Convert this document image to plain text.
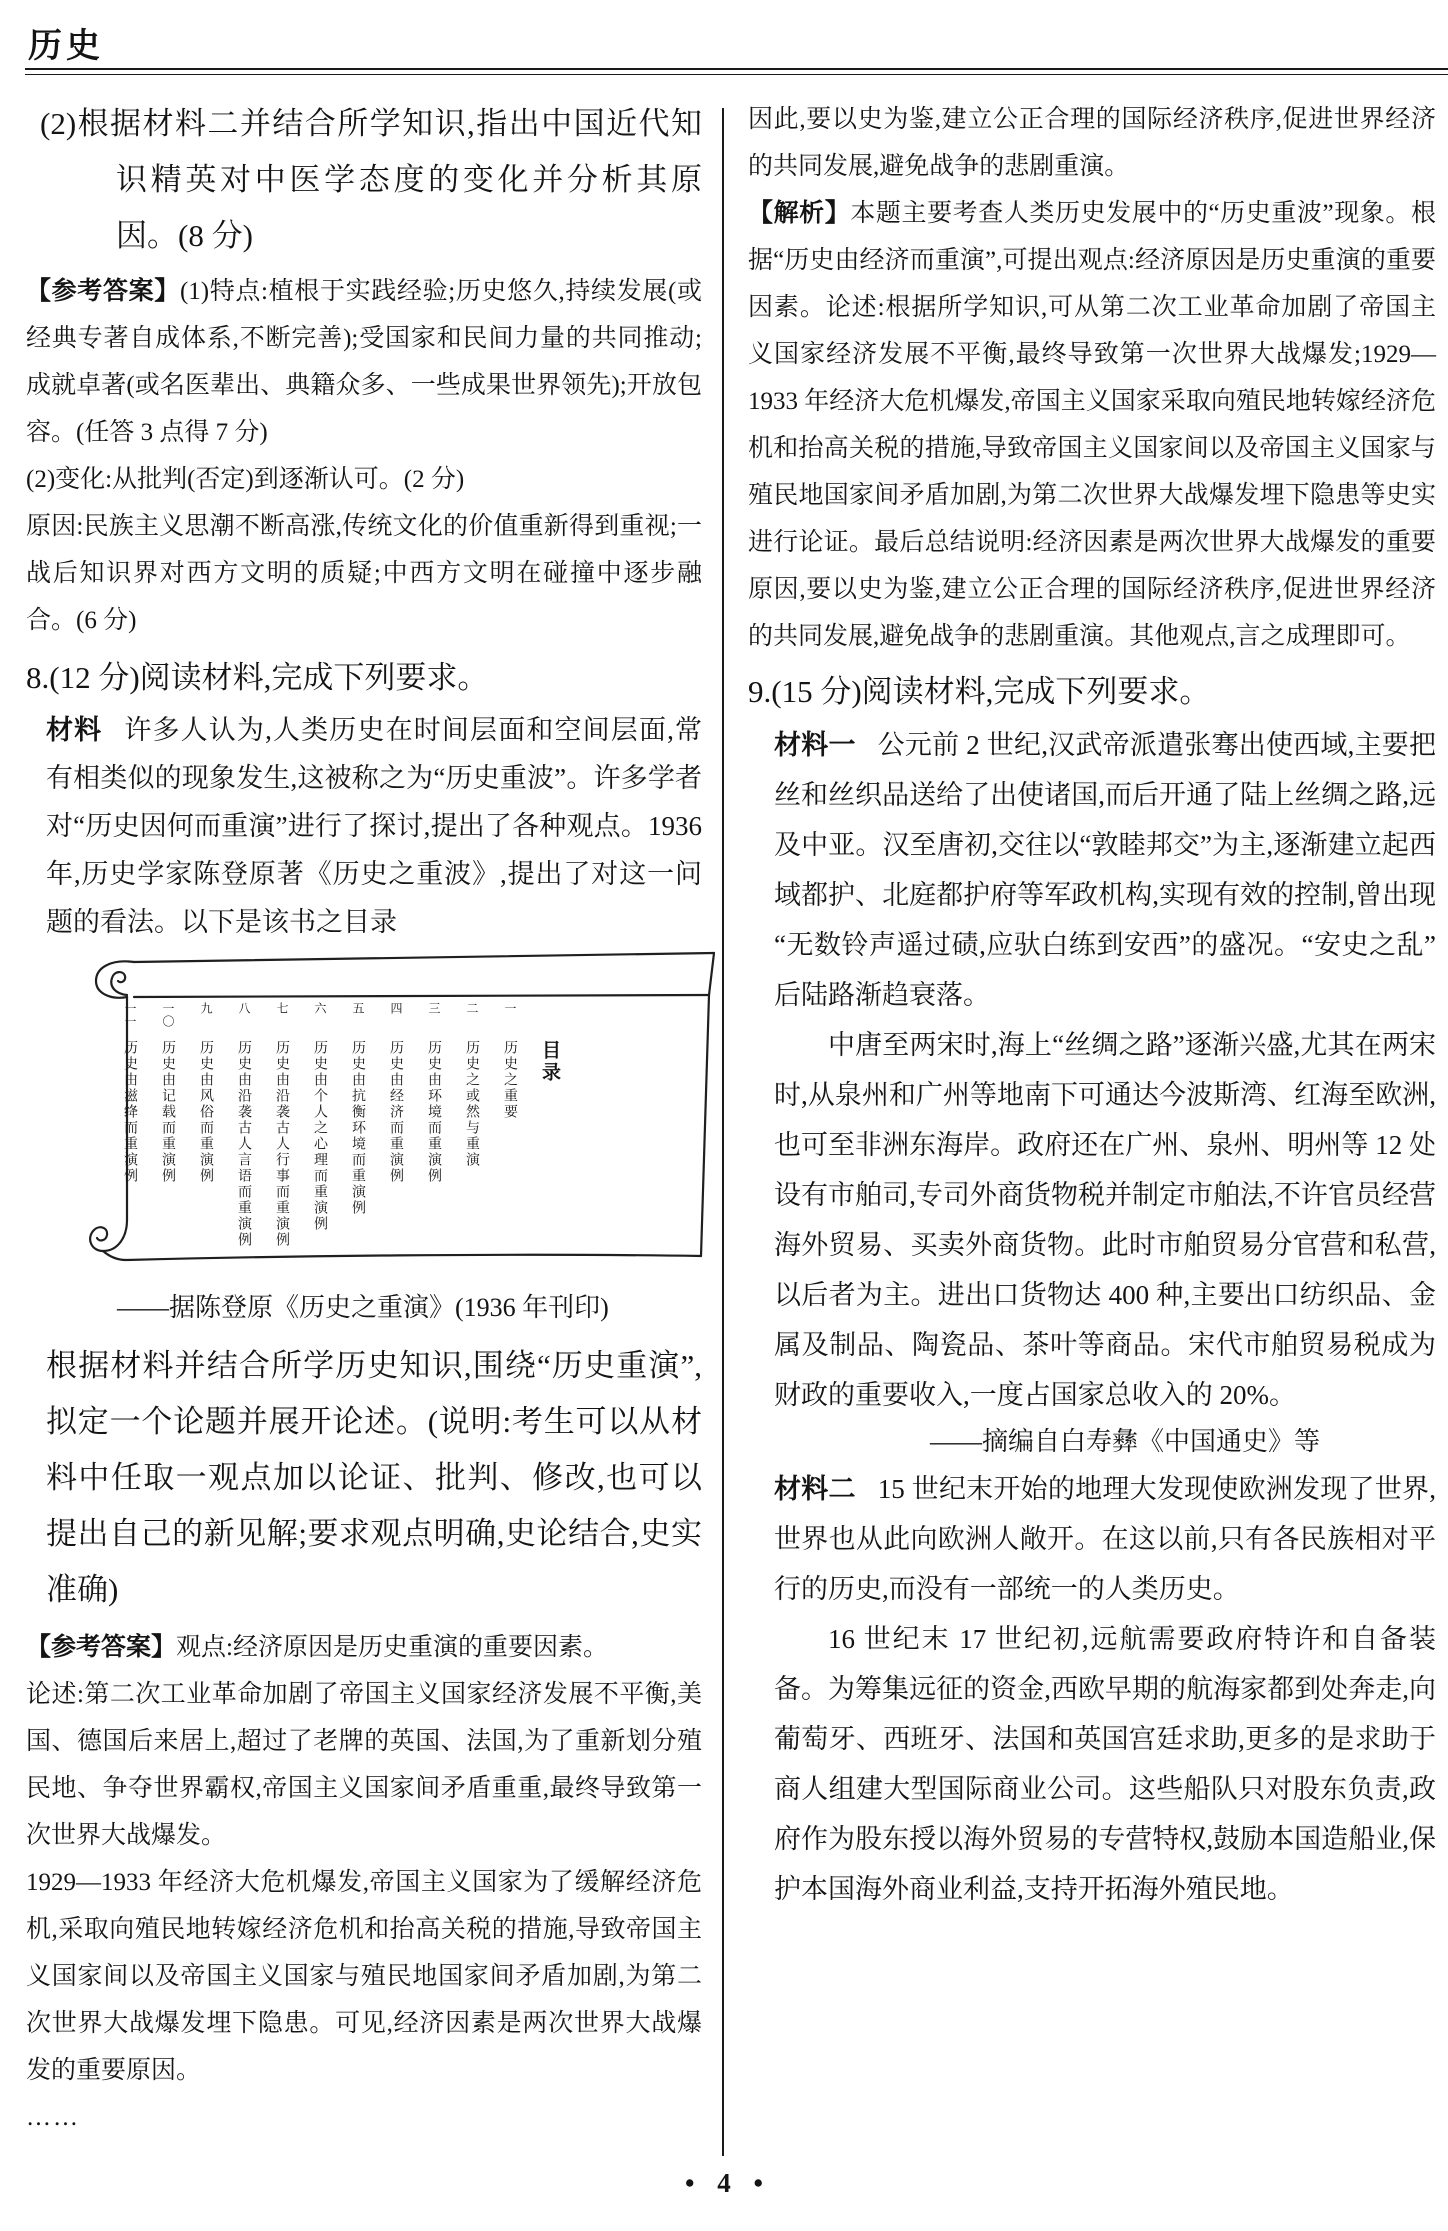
历史

(2)根据材料二并结合所学知识,指出中国近代知识精英对中医学态度的变化并分析其原因。(8 分)

【参考答案】(1)特点:植根于实践经验;历史悠久,持续发展(或经典专著自成体系,不断完善);受国家和民间力量的共同推动;成就卓著(或名医辈出、典籍众多、一些成果世界领先);开放包容。(任答 3 点得 7 分)

(2)变化:从批判(否定)到逐渐认可。(2 分)

原因:民族主义思潮不断高涨,传统文化的价值重新得到重视;一战后知识界对西方文明的质疑;中西方文明在碰撞中逐步融合。(6 分)

8.(12 分)阅读材料,完成下列要求。

材料 许多人认为,人类历史在时间层面和空间层面,常有相类似的现象发生,这被称之为“历史重波”。许多学者对“历史因何而重演”进行了探讨,提出了各种观点。1936 年,历史学家陈登原著《历史之重波》,提出了对这一问题的看法。以下是该书之目录

目录
一
历史之重要
二
历史之或然与重演
三
历史由环境而重演例
四
历史由经济而重演例
五
历史由抗衡环境而重演例
六
历史由个人之心理而重演例
七
历史由沿袭古人行事而重演例
八
历史由沿袭古人言语而重演例
九
历史由风俗而重演例
一〇
历史由记载而重演例
一一
历史由滋绛而重演例

——据陈登原《历史之重演》(1936 年刊印)

根据材料并结合所学历史知识,围绕“历史重演”,拟定一个论题并展开论述。(说明:考生可以从材料中任取一观点加以论证、批判、修改,也可以提出自己的新见解;要求观点明确,史论结合,史实准确)

【参考答案】观点:经济原因是历史重演的重要因素。

论述:第二次工业革命加剧了帝国主义国家经济发展不平衡,美国、德国后来居上,超过了老牌的英国、法国,为了重新划分殖民地、争夺世界霸权,帝国主义国家间矛盾重重,最终导致第一次世界大战爆发。

1929—1933 年经济大危机爆发,帝国主义国家为了缓解经济危机,采取向殖民地转嫁经济危机和抬高关税的措施,导致帝国主义国家间以及帝国主义国家与殖民地国家间矛盾加剧,为第二次世界大战爆发埋下隐患。可见,经济因素是两次世界大战爆发的重要原因。

……

因此,要以史为鉴,建立公正合理的国际经济秩序,促进世界经济的共同发展,避免战争的悲剧重演。

【解析】本题主要考查人类历史发展中的“历史重波”现象。根据“历史由经济而重演”,可提出观点:经济原因是历史重演的重要因素。论述:根据所学知识,可从第二次工业革命加剧了帝国主义国家经济发展不平衡,最终导致第一次世界大战爆发;1929—1933 年经济大危机爆发,帝国主义国家采取向殖民地转嫁经济危机和抬高关税的措施,导致帝国主义国家间以及帝国主义国家与殖民地国家间矛盾加剧,为第二次世界大战爆发埋下隐患等史实进行论证。最后总结说明:经济因素是两次世界大战爆发的重要原因,要以史为鉴,建立公正合理的国际经济秩序,促进世界经济的共同发展,避免战争的悲剧重演。其他观点,言之成理即可。

9.(15 分)阅读材料,完成下列要求。

材料一 公元前 2 世纪,汉武帝派遣张骞出使西域,主要把丝和丝织品送给了出使诸国,而后开通了陆上丝绸之路,远及中亚。汉至唐初,交往以“敦睦邦交”为主,逐渐建立起西域都护、北庭都护府等军政机构,实现有效的控制,曾出现“无数铃声遥过碛,应驮白练到安西”的盛况。“安史之乱”后陆路渐趋衰落。

中唐至两宋时,海上“丝绸之路”逐渐兴盛,尤其在两宋时,从泉州和广州等地南下可通达今波斯湾、红海至欧洲,也可至非洲东海岸。政府还在广州、泉州、明州等 12 处设有市舶司,专司外商货物税并制定市舶法,不许官员经营海外贸易、买卖外商货物。此时市舶贸易分官营和私营,以后者为主。进出口货物达 400 种,主要出口纺织品、金属及制品、陶瓷品、茶叶等商品。宋代市舶贸易税成为财政的重要收入,一度占国家总收入的 20%。

——摘编自白寿彝《中国通史》等

材料二 15 世纪末开始的地理大发现使欧洲发现了世界,世界也从此向欧洲人敞开。在这以前,只有各民族相对平行的历史,而没有一部统一的人类历史。

16 世纪末 17 世纪初,远航需要政府特许和自备装备。为筹集远征的资金,西欧早期的航海家都到处奔走,向葡萄牙、西班牙、法国和英国宫廷求助,更多的是求助于商人组建大型国际商业公司。这些船队只对股东负责,政府作为股东授以海外贸易的专营特权,鼓励本国造船业,保护本国海外商业利益,支持开拓海外殖民地。

• 4 •
